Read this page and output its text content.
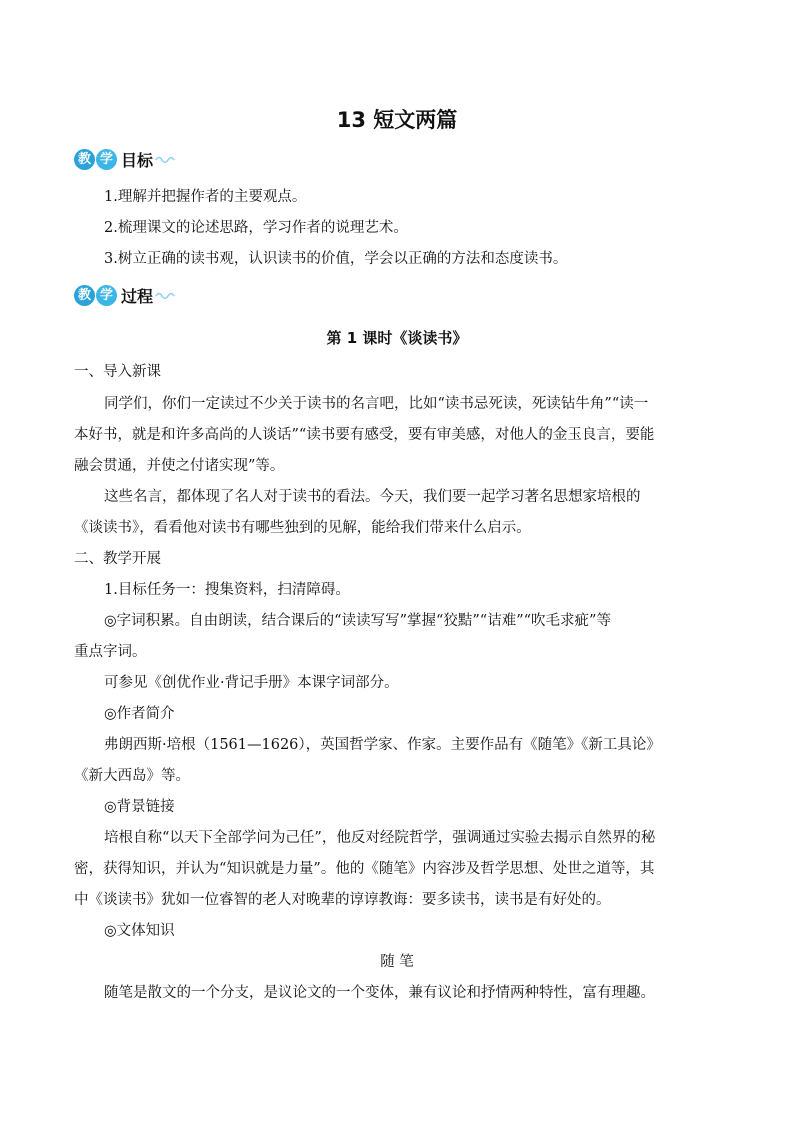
13 短文两篇
教 学 目标
1.理解并把握作者的主要观点。
2.梳理课文的论述思路，学习作者的说理艺术。
3.树立正确的读书观，认识读书的价值，学会以正确的方法和态度读书。
教 学 过程
第 1 课时《谈读书》
一、导入新课
同学们，你们一定读过不少关于读书的名言吧，比如“读书忌死读，死读钻牛角”“读一
本好书，就是和许多高尚的人谈话”“读书要有感受，要有审美感，对他人的金玉良言，要能
融会贯通，并使之付诸实现”等。
这些名言，都体现了名人对于读书的看法。今天，我们要一起学习著名思想家培根的
《谈读书》，看看他对读书有哪些独到的见解，能给我们带来什么启示。
二、教学开展
1.目标任务一：搜集资料，扫清障碍。
◎字词积累。自由朗读，结合课后的“读读写写”掌握“狡黠”“诘难”“吹毛求疵”等
重点字词。
可参见《创优作业·背记手册》本课字词部分。
◎作者简介
弗朗西斯·培根（1561—1626），英国哲学家、作家。主要作品有《随笔》《新工具论》
《新大西岛》等。
◎背景链接
培根自称“以天下全部学问为己任”，他反对经院哲学，强调通过实验去揭示自然界的秘
密，获得知识，并认为“知识就是力量”。他的《随笔》内容涉及哲学思想、处世之道等，其
中《谈读书》犹如一位睿智的老人对晚辈的谆谆教诲：要多读书，读书是有好处的。
◎文体知识
随 笔
随笔是散文的一个分支，是议论文的一个变体，兼有议论和抒情两种特性，富有理趣。
